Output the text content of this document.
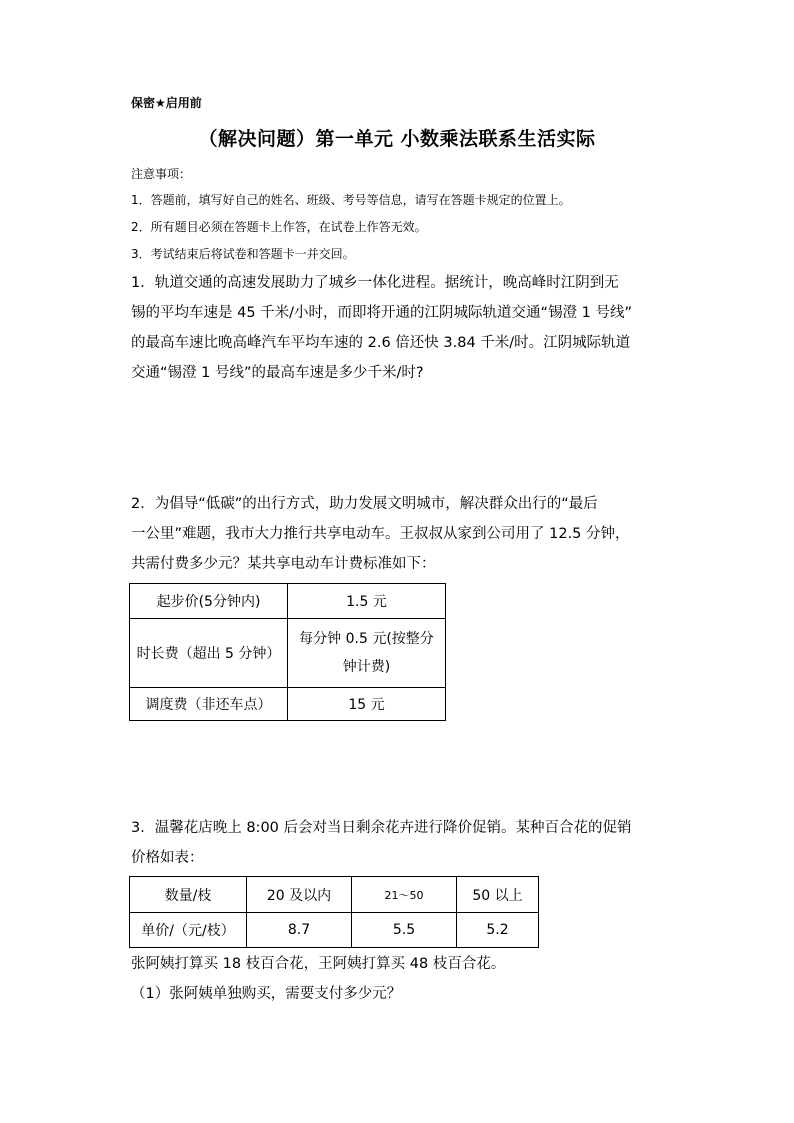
保密★启用前
（解决问题）第一单元 小数乘法联系生活实际
注意事项：
1．答题前，填写好自己的姓名、班级、考号等信息，请写在答题卡规定的位置上。
2．所有题目必须在答题卡上作答，在试卷上作答无效。
3．考试结束后将试卷和答题卡一并交回。
1．轨道交通的高速发展助力了城乡一体化进程。据统计，晚高峰时江阴到无
锡的平均车速是 45 千米/小时，而即将开通的江阴城际轨道交通“锡澄 1 号线”
的最高车速比晚高峰汽车平均车速的 2.6 倍还快 3.84 千米/时。江阴城际轨道
交通“锡澄 1 号线”的最高车速是多少千米/时?
2．为倡导“低碳”的出行方式，助力发展文明城市，解决群众出行的“最后
一公里”难题，我市大力推行共享电动车。王叔叔从家到公司用了 12.5 分钟，
共需付费多少元？某共享电动车计费标准如下：
起步价(5分钟内)	1.5 元
时长费（超出 5 分钟）	每分钟 0.5 元(按整分
钟计费)

调度费（非还车点）	15 元
3．温馨花店晚上 8:00 后会对当日剩余花卉进行降价促销。某种百合花的促销
价格如表：
数量/枝	20 及以内	21～50	50 以上
单价/（元/枝）	8.7	5.5	5.2
张阿姨打算买 18 枝百合花，王阿姨打算买 48 枝百合花。
（1）张阿姨单独购买，需要支付多少元？
